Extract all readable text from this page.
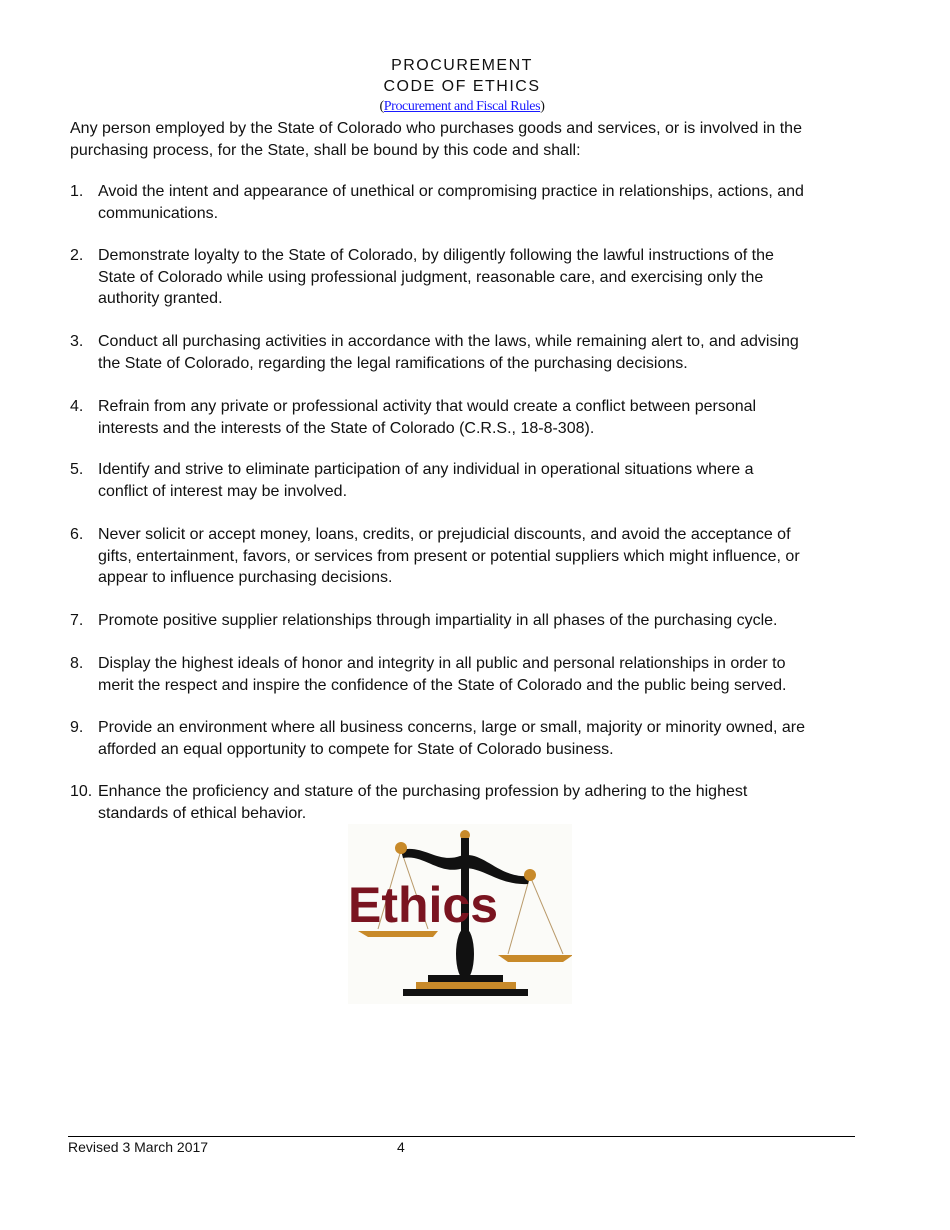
PROCUREMENT
CODE OF ETHICS
(Procurement and Fiscal Rules)
Any person employed by the State of Colorado who purchases goods and services, or is involved in the
purchasing process, for the State, shall be bound by this code and shall:
1. Avoid the intent and appearance of unethical or compromising practice in relationships, actions, and
communications.
2. Demonstrate loyalty to the State of Colorado, by diligently following the lawful instructions of the
State of Colorado while using professional judgment, reasonable care, and exercising only the
authority granted.
3. Conduct all purchasing activities in accordance with the laws, while remaining alert to, and advising
the State of Colorado, regarding the legal ramifications of the purchasing decisions.
4. Refrain from any private or professional activity that would create a conflict between personal
interests and the interests of the State of Colorado (C.R.S., 18-8-308).
5. Identify and strive to eliminate participation of any individual in operational situations where a
conflict of interest may be involved.
6. Never solicit or accept money, loans, credits, or prejudicial discounts, and avoid the acceptance of
gifts, entertainment, favors, or services from present or potential suppliers which might influence, or
appear to influence purchasing decisions.
7. Promote positive supplier relationships through impartiality in all phases of the purchasing cycle.
8. Display the highest ideals of honor and integrity in all public and personal relationships in order to
merit the respect and inspire the confidence of the State of Colorado and the public being served.
9. Provide an environment where all business concerns, large or small, majority or minority owned, are
afforded an equal opportunity to compete for State of Colorado business.
10. Enhance the proficiency and stature of the purchasing profession by adhering to the highest
standards of ethical behavior.
Ethics
Revised 3 March 2017	4
